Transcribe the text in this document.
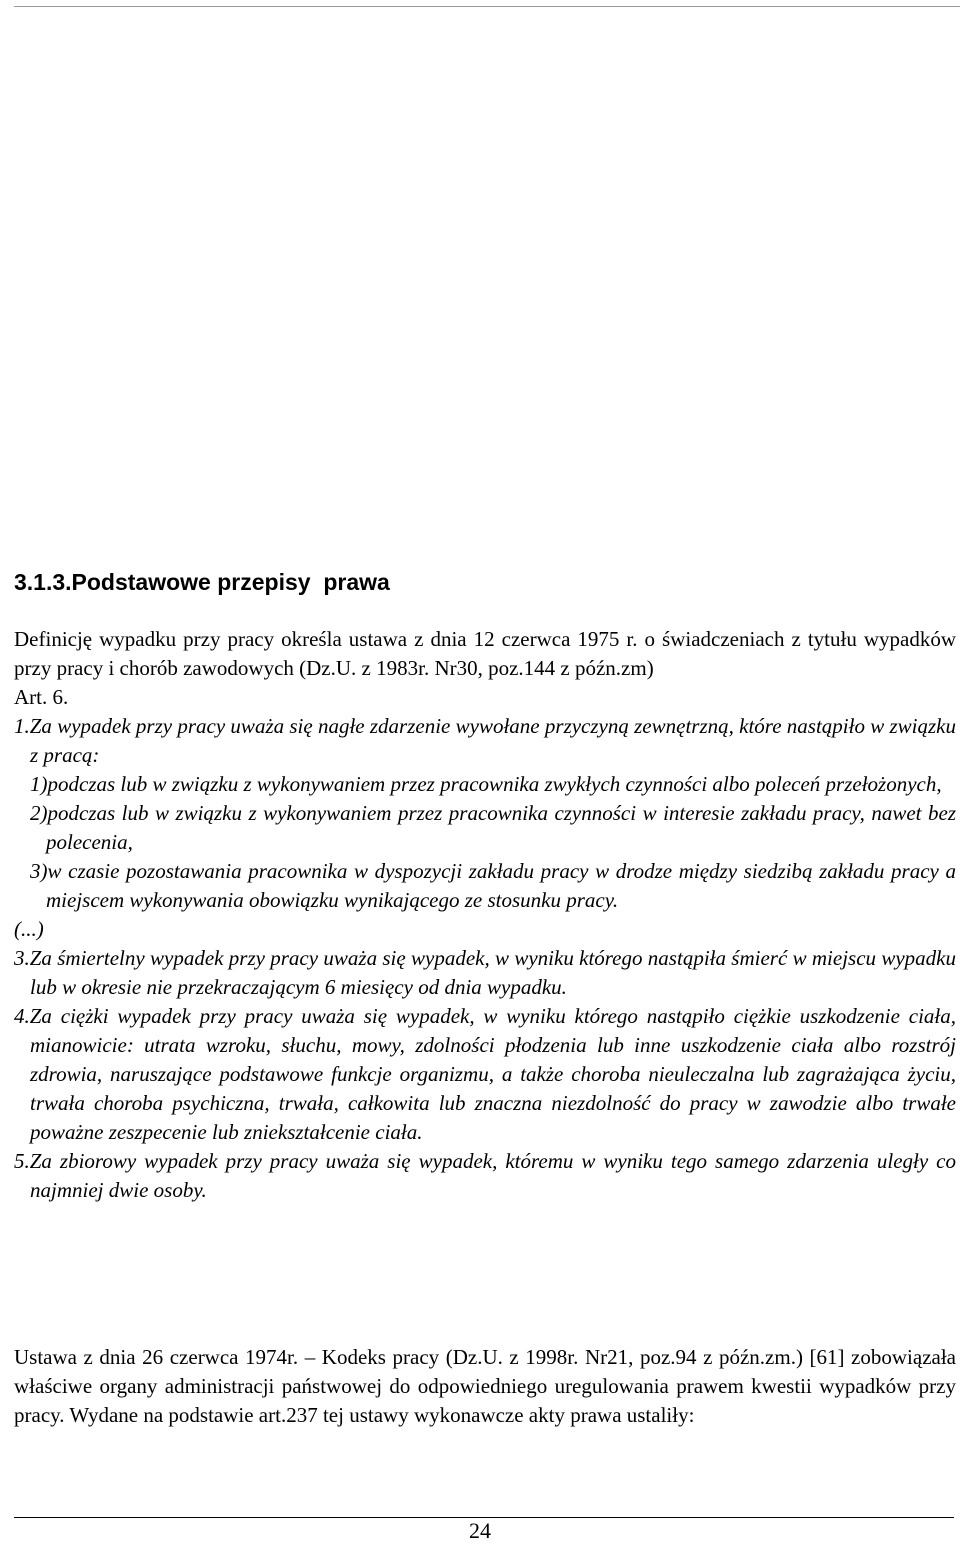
3.1.3.Podstawowe przepisy  prawa

Definicję wypadku przy pracy określa ustawa z dnia 12 czerwca 1975 r. o świadczeniach z tytułu wypadków przy pracy i chorób zawodowych (Dz.U. z 1983r. Nr30, poz.144 z późn.zm)

Art. 6.

1.Za wypadek przy pracy uważa się nagłe zdarzenie wywołane przyczyną zewnętrzną, które nastąpiło w związku z pracą:

1)podczas lub w związku z wykonywaniem przez pracownika zwykłych czynności albo poleceń przełożonych,

2)podczas lub w związku z wykonywaniem przez pracownika czynności w interesie zakładu pracy, nawet bez polecenia,

3)w czasie pozostawania pracownika w dyspozycji zakładu pracy w drodze między siedzibą zakładu pracy a miejscem wykonywania obowiązku wynikającego ze stosunku pracy.

(...)

3.Za śmiertelny wypadek przy pracy uważa się wypadek, w wyniku którego nastąpiła śmierć w miejscu wypadku lub w okresie nie przekraczającym 6 miesięcy od dnia wypadku.

4.Za ciężki wypadek przy pracy uważa się wypadek, w wyniku którego nastąpiło ciężkie uszkodzenie ciała, mianowicie: utrata wzroku, słuchu, mowy, zdolności płodzenia lub inne uszkodzenie ciała albo rozstrój zdrowia, naruszające podstawowe funkcje organizmu, a także choroba nieuleczalna lub zagrażająca życiu, trwała choroba psychiczna, trwała, całkowita lub znaczna niezdolność do pracy w zawodzie albo trwałe poważne zeszpecenie lub zniekształcenie ciała.

5.Za zbiorowy wypadek przy pracy uważa się wypadek, któremu w wyniku tego samego zdarzenia uległy co najmniej dwie osoby.

Ustawa z dnia 26 czerwca 1974r. – Kodeks pracy (Dz.U. z 1998r. Nr21, poz.94 z późn.zm.) [61] zobowiązała właściwe organy administracji państwowej do odpowiedniego uregulowania prawem kwestii wypadków przy pracy. Wydane na podstawie art.237 tej ustawy wykonawcze akty prawa ustaliły:

24
